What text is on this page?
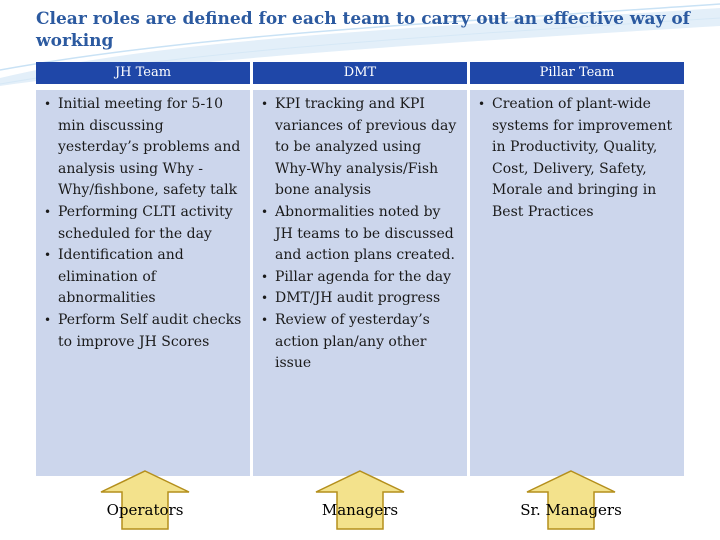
Clear roles are defined for each team to carry out an effective way of working
JH Team
• Initial meeting for 5-10 min discussing yesterday’s problems and analysis using Why -Why/fishbone, safety talk
• Performing CLTI activity scheduled for the day
• Identification and elimination of abnormalities
• Perform Self audit checks to improve JH Scores
DMT
• KPI tracking and KPI variances of previous day to be analyzed using Why-Why analysis/Fish bone analysis
• Abnormalities noted by JH teams to be discussed and action plans created.
• Pillar agenda for the day
• DMT/JH audit progress
• Review of yesterday’s action plan/any other issue
Pillar Team
• Creation of plant-wide systems for improvement in Productivity, Quality, Cost, Delivery, Safety, Morale and bringing in Best Practices
Operators	Managers	Sr. Managers
